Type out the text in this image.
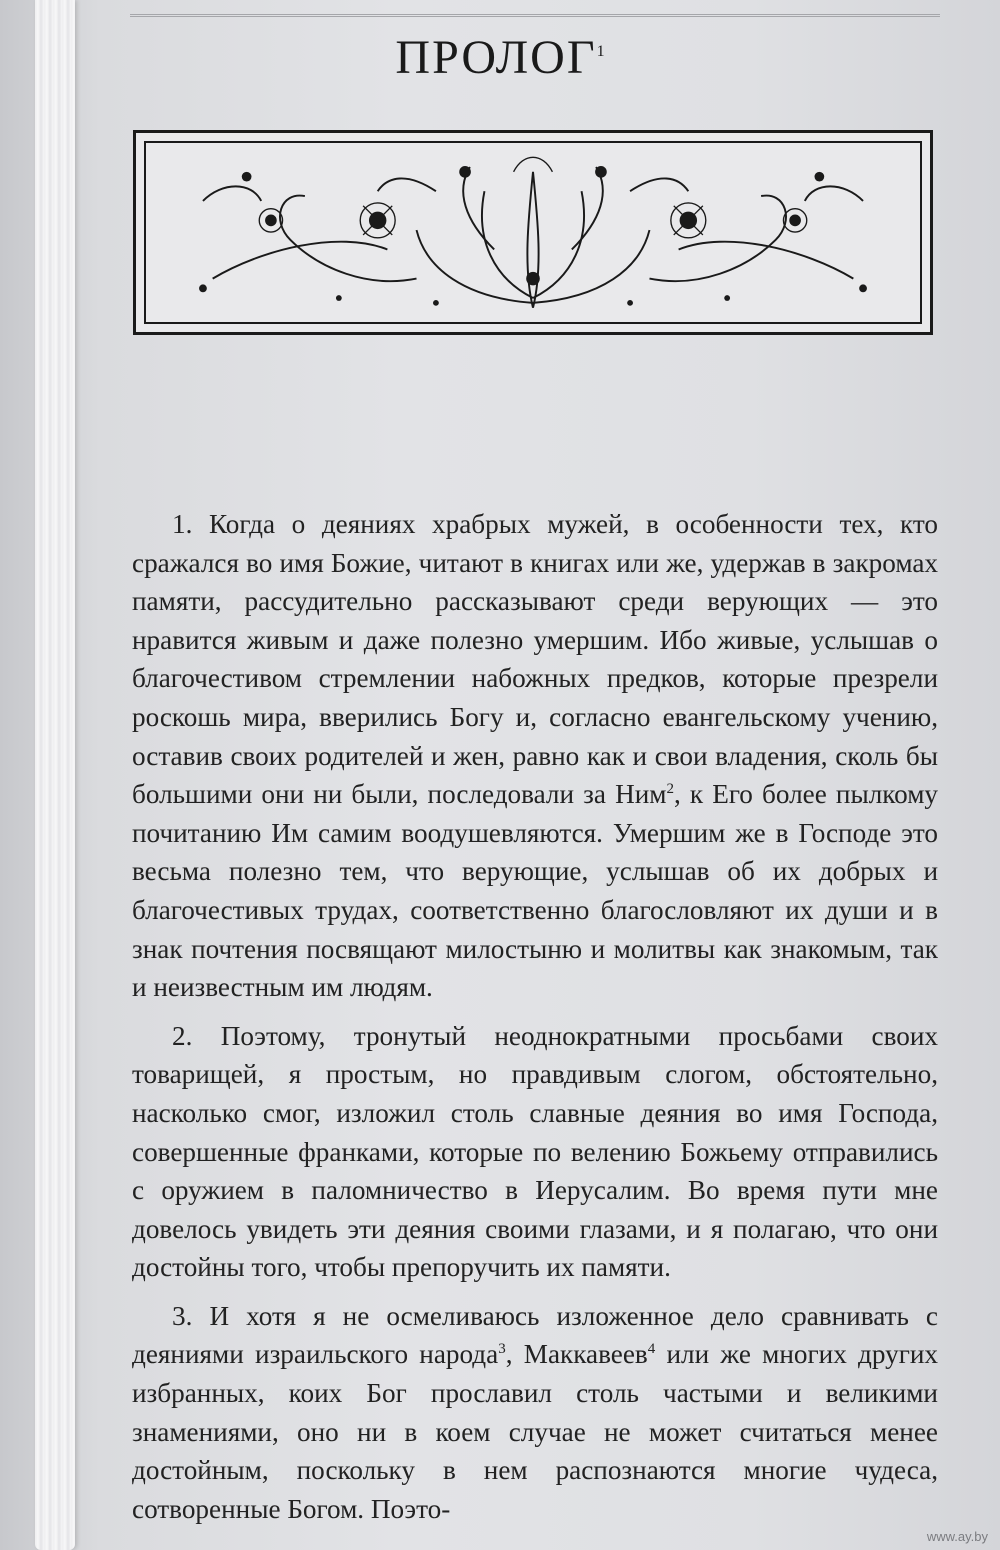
ПРОЛОГ$^1$

1. Когда о деяниях храбрых мужей, в особенности тех, кто сражался во имя Божие, читают в книгах или же, удержав в закромах памяти, рассудительно рассказывают среди верующих — это нравится живым и даже полезно умершим. Ибо живые, услышав о благочестивом стремлении набожных предков, которые презрели роскошь мира, вверились Богу и, согласно евангельскому учению, оставив своих родителей и жен, равно как и свои владения, сколь бы большими они ни были, последовали за Ним$^2$, к Его более пылкому почитанию Им самим воодушевляются. Умершим же в Господе это весьма полезно тем, что верующие, услышав об их добрых и благочестивых трудах, соответственно благословляют их души и в знак почтения посвящают милостыню и молитвы как знакомым, так и неизвестным им людям.

2. Поэтому, тронутый неоднократными просьбами своих товарищей, я простым, но правдивым слогом, обстоятельно, насколько смог, изложил столь славные деяния во имя Господа, совершенные франками, которые по велению Божьему отправились с оружием в паломничество в Иерусалим. Во время пути мне довелось увидеть эти деяния своими глазами, и я полагаю, что они достойны того, чтобы препоручить их памяти.

3. И хотя я не осмеливаюсь изложенное дело сравнивать с деяниями израильского народа$^3$, Маккавеев$^4$ или же многих других избранных, коих Бог прославил столь частыми и великими знамениями, оно ни в коем случае не может считаться менее достойным, поскольку в нем распознаются многие чудеса, сотворенные Богом. Поэто-

www.ay.by
